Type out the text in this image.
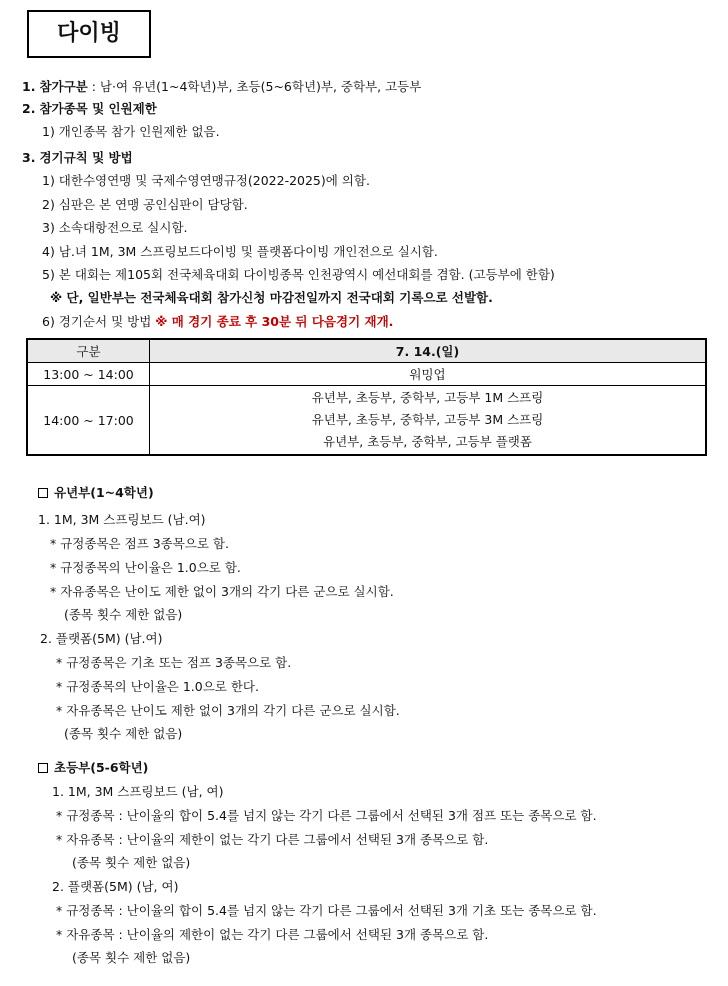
다이빙
1. 참가구분 : 남·여 유년(1~4학년)부, 초등(5~6학년)부, 중학부, 고등부
2. 참가종목 및 인원제한
1) 개인종목 참가 인원제한 없음.
3. 경기규칙 및 방법
1) 대한수영연맹 및 국제수영연맹규정(2022-2025)에 의함.
2) 심판은 본 연맹 공인심판이 담당함.
3) 소속대항전으로 실시함.
4) 남.녀 1M, 3M 스프링보드다이빙 및 플랫폼다이빙 개인전으로 실시함.
5) 본 대회는 제105회 전국체육대회 다이빙종목 인천광역시 예선대회를 겸함. (고등부에 한함)
※ 단, 일반부는 전국체육대회 참가신청 마감전일까지 전국대회 기록으로 선발함.
6) 경기순서 및 방법 ※ 매 경기 종료 후 30분 뒤 다음경기 재개.
구분	7. 14.(일)
13:00 ~ 14:00	워밍업
14:00 ~ 17:00	유년부, 초등부, 중학부, 고등부 1M 스프링
유년부, 초등부, 중학부, 고등부 3M 스프링
유년부, 초등부, 중학부, 고등부 플랫폼
유년부(1~4학년)
1. 1M, 3M 스프링보드 (남.여)
* 규정종목은 점프 3종목으로 함.
* 규정종목의 난이율은 1.0으로 함.
* 자유종목은 난이도 제한 없이 3개의 각기 다른 군으로 실시함.
(종목 횟수 제한 없음)
2. 플랫폼(5M) (남.여)
* 규정종목은 기초 또는 점프 3종목으로 함.
* 규정종목의 난이율은 1.0으로 한다.
* 자유종목은 난이도 제한 없이 3개의 각기 다른 군으로 실시함.
(종목 횟수 제한 없음)
초등부(5-6학년)
1. 1M, 3M 스프링보드 (남, 여)
* 규정종목 : 난이율의 합이 5.4를 넘지 않는 각기 다른 그룹에서 선택된 3개 점프 또는 종목으로 함.
* 자유종목 : 난이율의 제한이 없는 각기 다른 그룹에서 선택된 3개 종목으로 함.
(종목 횟수 제한 없음)
2. 플랫폼(5M) (남, 여)
* 규정종목 : 난이율의 합이 5.4를 넘지 않는 각기 다른 그룹에서 선택된 3개 기초 또는 종목으로 함.
* 자유종목 : 난이율의 제한이 없는 각기 다른 그룹에서 선택된 3개 종목으로 함.
(종목 횟수 제한 없음)
